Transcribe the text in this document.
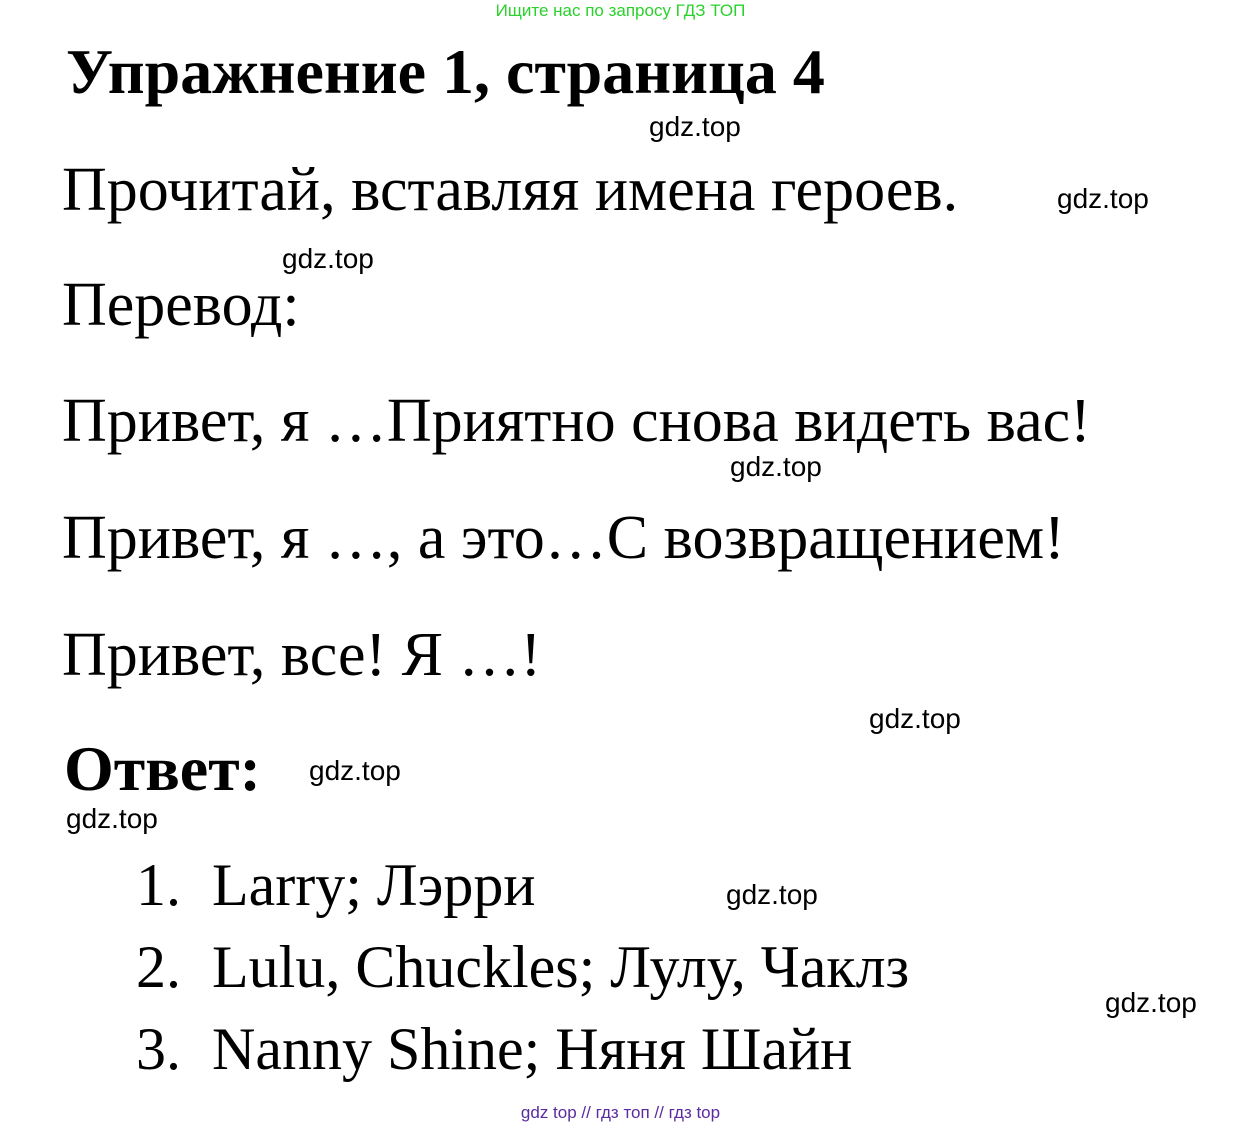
Ищите нас по запросу ГДЗ ТОП
Упражнение 1, страница 4
Прочитай, вставляя имена героев.
Перевод:
Привет, я …Приятно снова видеть вас!
Привет, я …, а это…С возвращением!
Привет, все! Я …!
Ответ:
1. Larry; Лэрри
2. Lulu, Chuckles; Лулу, Чаклз
3. Nanny Shine; Няня Шайн
gdz.top
gdz.top
gdz.top
gdz.top
gdz.top
gdz.top
gdz.top
gdz.top
gdz.top
gdz top // гдз топ // гдз top
